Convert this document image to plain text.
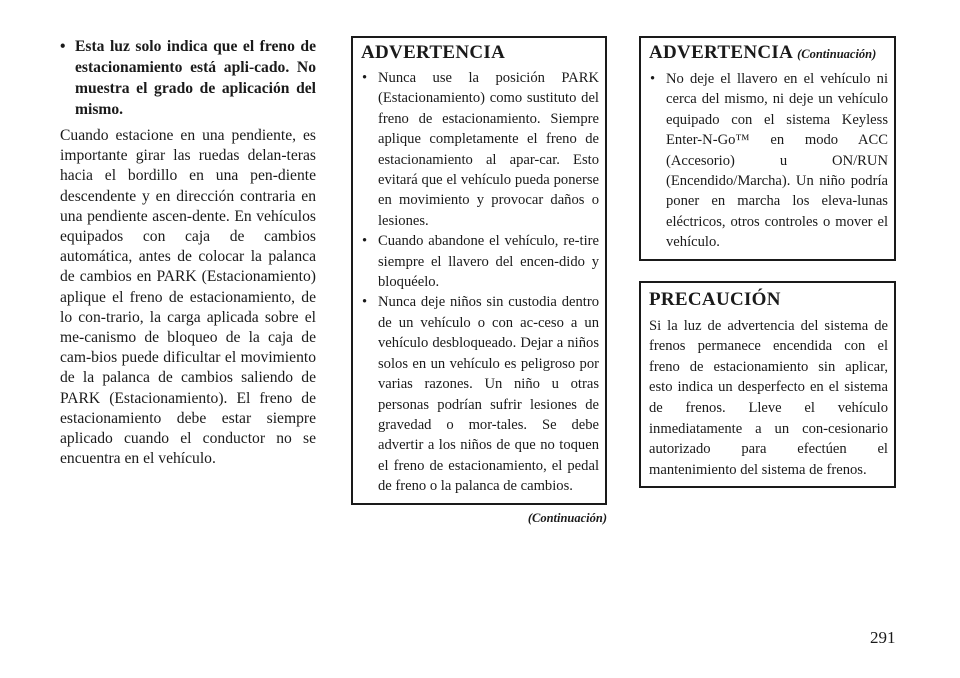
• Esta luz solo indica que el freno de estacionamiento está apli-cado. No muestra el grado de aplicación del mismo.
Cuando estacione en una pendiente, es importante girar las ruedas delan-teras hacia el bordillo en una pen-diente descendente y en dirección contraria en una pendiente ascen-dente. En vehículos equipados con caja de cambios automática, antes de colocar la palanca de cambios en PARK (Estacionamiento) aplique el freno de estacionamiento, de lo con-trario, la carga aplicada sobre el me-canismo de bloqueo de la caja de cam-bios puede dificultar el movimiento de la palanca de cambios saliendo de PARK (Estacionamiento). El freno de estacionamiento debe estar siempre aplicado cuando el conductor no se encuentra en el vehículo.
ADVERTENCIA
• Nunca use la posición PARK (Estacionamiento) como sustituto del freno de estacionamiento. Siempre aplique completamente el freno de estacionamiento al apar-car. Esto evitará que el vehículo pueda ponerse en movimiento y provocar daños o lesiones.
• Cuando abandone el vehículo, re-tire siempre el llavero del encen-dido y bloquéelo.
• Nunca deje niños sin custodia dentro de un vehículo o con ac-ceso a un vehículo desbloqueado. Dejar a niños solos en un vehículo es peligroso por varias razones. Un niño u otras personas podrían sufrir lesiones de gravedad o mor-tales. Se debe advertir a los niños de que no toquen el freno de estacionamiento, el pedal de freno o la palanca de cambios.
(Continuación)
ADVERTENCIA (Continuación)
• No deje el llavero en el vehículo ni cerca del mismo, ni deje un vehículo equipado con el sistema Keyless Enter-N-Go™ en modo ACC (Accesorio) u ON/RUN (Encendido/Marcha). Un niño podría poner en marcha los eleva-lunas eléctricos, otros controles o mover el vehículo.
PRECAUCIÓN

Si la luz de advertencia del sistema de frenos permanece encendida con el freno de estacionamiento sin aplicar, esto indica un desperfecto en el sistema de frenos. Lleve el vehículo inmediatamente a un con-cesionario autorizado para efectúen el mantenimiento del sistema de frenos.

291
